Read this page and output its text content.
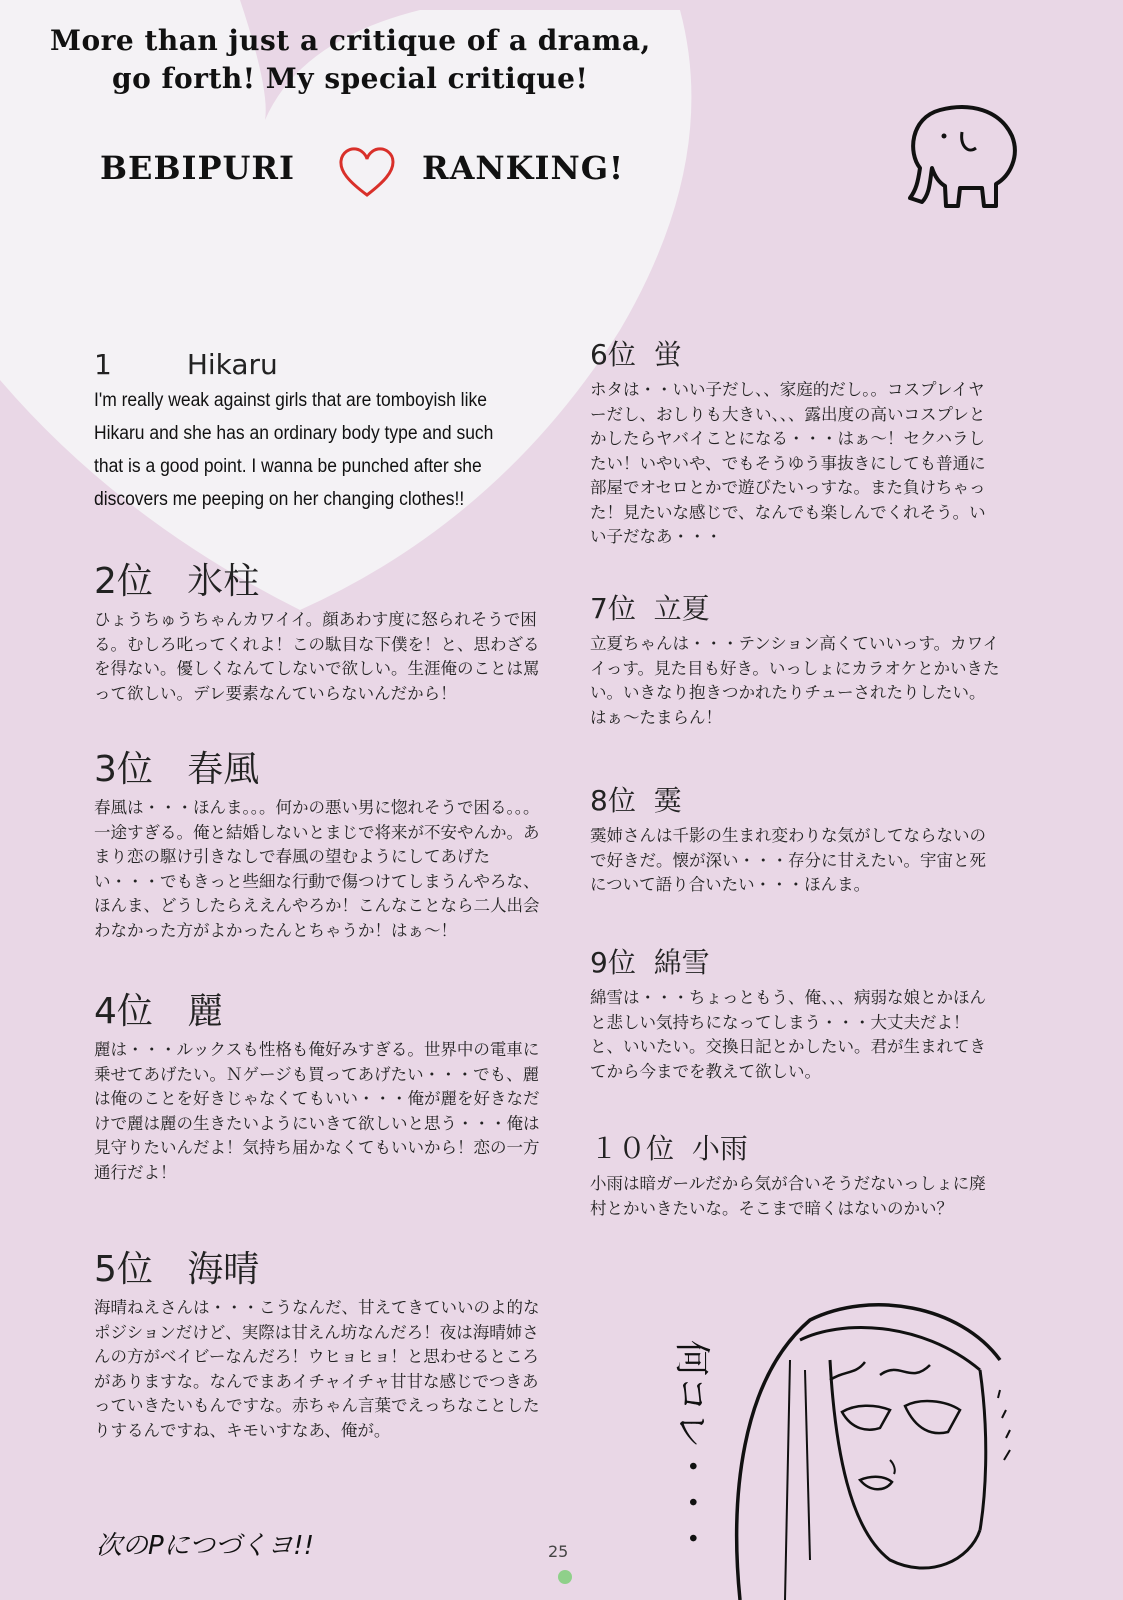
More than just a critique of a drama,
go forth! My special critique!
BEBIPURI	RANKING!
1	Hikaru

I'm really weak against girls that are tomboyish like Hikaru and she has an ordinary body type and such that is a good point. I wanna be punched after she discovers me peeping on her changing clothes!!

2位 氷柱

ひょうちゅうちゃんカワイイ。顔あわす度に怒られそうで困る。むしろ叱ってくれよ！この駄目な下僕を！と、思わざるを得ない。優しくなんてしないで欲しい。生涯俺のことは罵って欲しい。デレ要素なんていらないんだから！

3位 春風

春風は・・・ほんま。。。何かの悪い男に惚れそうで困る。。。一途すぎる。俺と結婚しないとまじで将来が不安やんか。あまり恋の駆け引きなしで春風の望むようにしてあげたい・・・でもきっと些細な行動で傷つけてしまうんやろな、ほんま、どうしたらええんやろか！こんなことなら二人出会わなかった方がよかったんとちゃうか！はぁ～！

4位 麗

麗は・・・ルックスも性格も俺好みすぎる。世界中の電車に乗せてあげたい。Ｎゲージも買ってあげたい・・・でも、麗は俺のことを好きじゃなくてもいい・・・俺が麗を好きなだけで麗は麗の生きたいようにいきて欲しいと思う・・・俺は見守りたいんだよ！気持ち届かなくてもいいから！恋の一方通行だよ！

5位 海晴

海晴ねえさんは・・・こうなんだ、甘えてきていいのよ的なポジションだけど、実際は甘えん坊なんだろ！夜は海晴姉さんの方がベイビーなんだろ！ウヒョヒョ！と思わせるところがありますな。なんでまあイチャイチャ甘甘な感じでつきあっていきたいもんですな。赤ちゃん言葉でえっちなことしたりするんですね、キモいすなあ、俺が。

6位 蛍

ホタは・・いい子だし、、家庭的だし。。コスプレイヤーだし、おしりも大きい、、、露出度の高いコスプレとかしたらヤバイことになる・・・はぁ～！セクハラしたい！いやいや、でもそうゆう事抜きにしても普通に部屋でオセロとかで遊びたいっすな。また負けちゃった！見たいな感じで、なんでも楽しんでくれそう。いい子だなあ・・・

7位 立夏

立夏ちゃんは・・・テンション高くていいっす。カワイイっす。見た目も好き。いっしょにカラオケとかいきたい。いきなり抱きつかれたりチューされたりしたい。はぁ～たまらん！

8位 霙

霙姉さんは千影の生まれ変わりな気がしてならないので好きだ。懐が深い・・・存分に甘えたい。宇宙と死について語り合いたい・・・ほんま。

9位 綿雪

綿雪は・・・ちょっともう、俺、、、病弱な娘とかほんと悲しい気持ちになってしまう・・・大丈夫だよ！と、いいたい。交換日記とかしたい。君が生まれてきてから今までを教えて欲しい。

１０位 小雨

小雨は暗ガールだから気が合いそうだないっしょに廃村とかいきたいな。そこまで暗くはないのかい？

次のPにつづくヨ!!	25	何コレ・・・
